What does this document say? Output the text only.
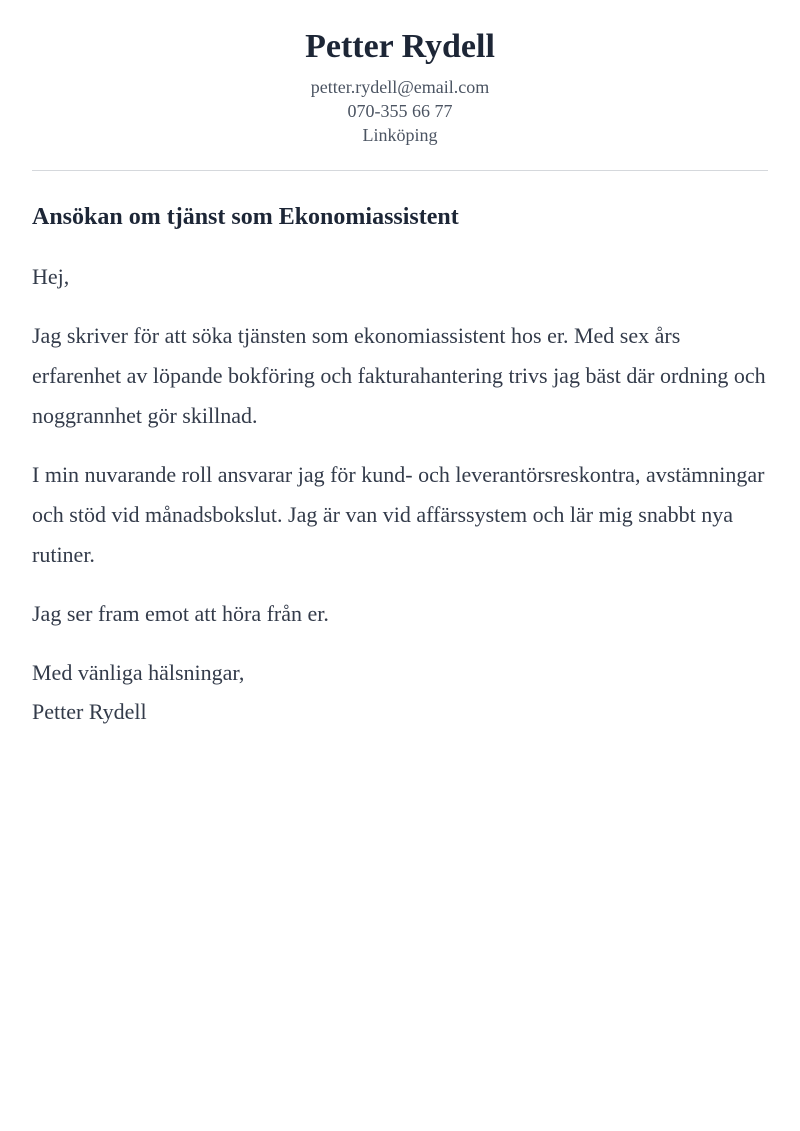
Petter Rydell
petter.rydell@email.com
070-355 66 77
Linköping
Ansökan om tjänst som Ekonomiassistent

Hej,

Jag skriver för att söka tjänsten som ekonomiassistent hos er. Med sex års erfarenhet av löpande bokföring och fakturahantering trivs jag bäst där ordning och noggrannhet gör skillnad.

I min nuvarande roll ansvarar jag för kund- och leverantörsreskontra, avstämningar och stöd vid månadsbokslut. Jag är van vid affärssystem och lär mig snabbt nya rutiner.

Jag ser fram emot att höra från er.

Med vänliga hälsningar,

Petter Rydell
